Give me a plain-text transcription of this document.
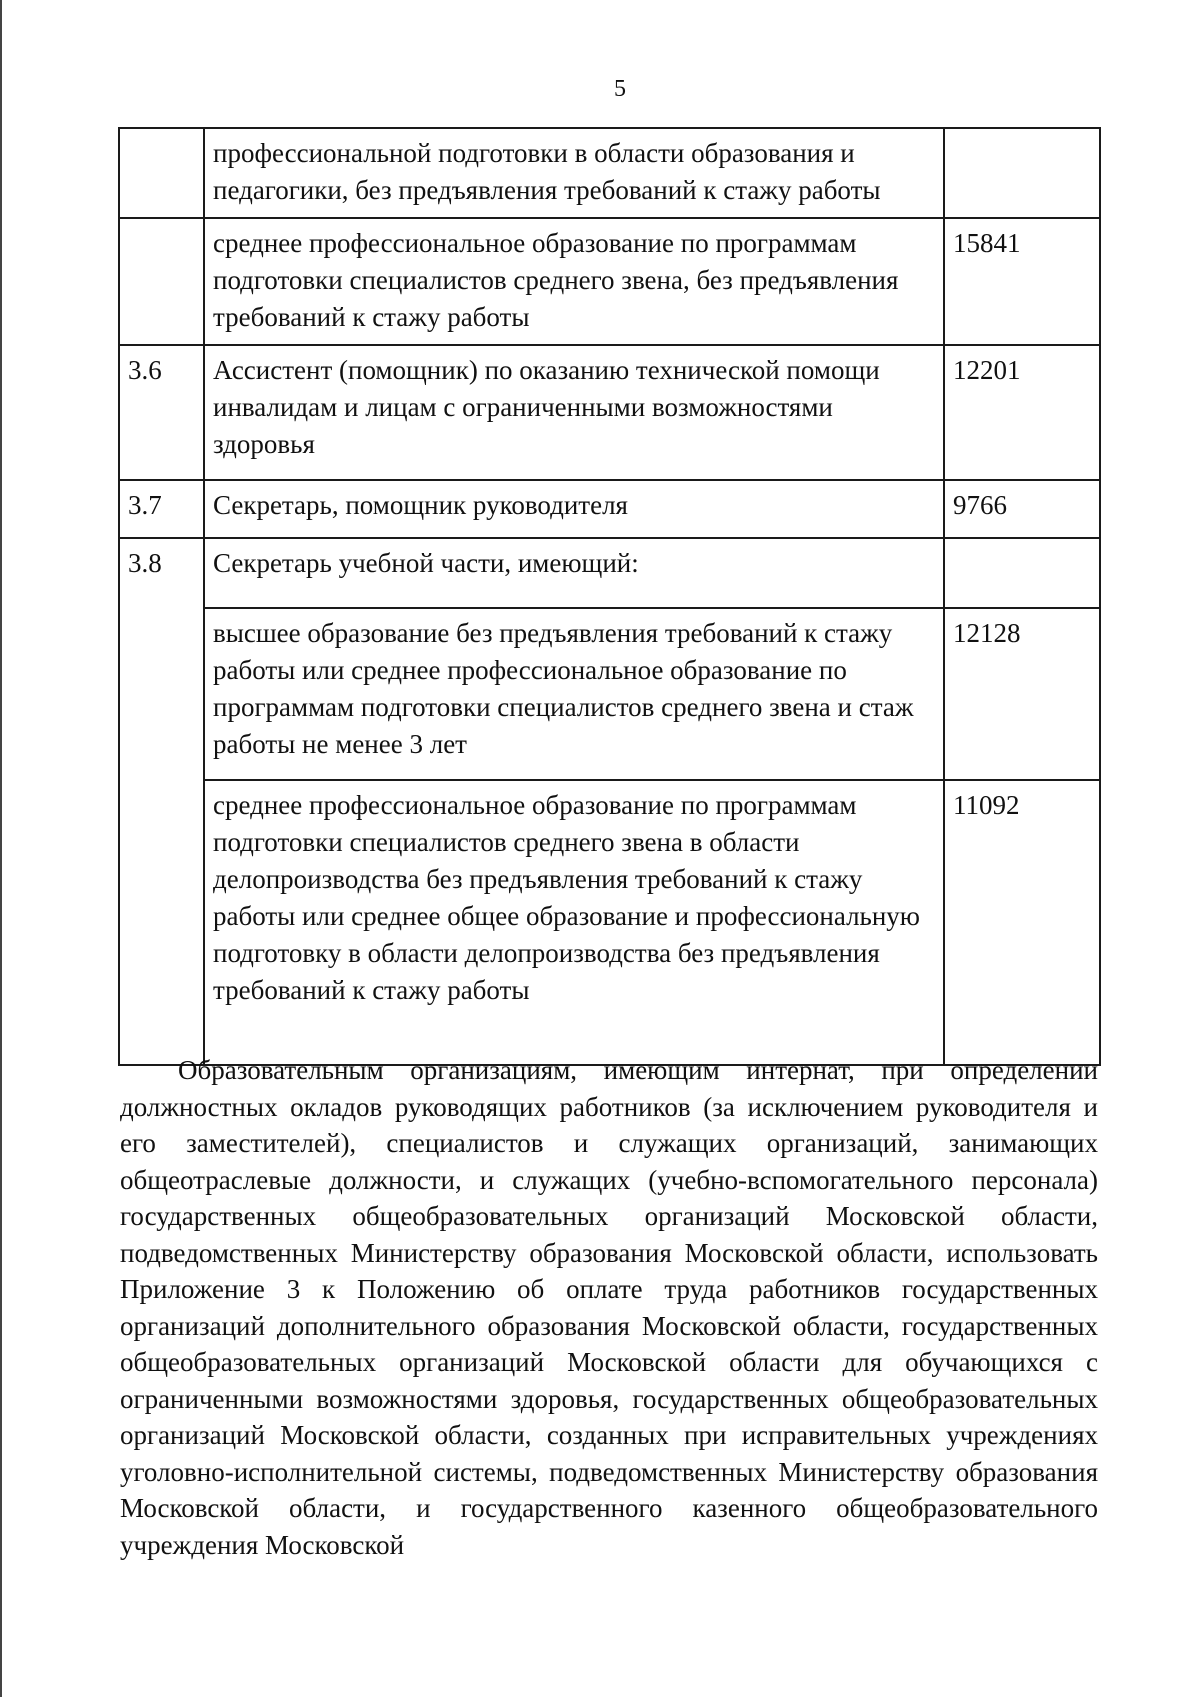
5
	профессиональной подготовки в области образования и педагогики, без предъявления требований к стажу работы	
	среднее профессиональное образование по программам подготовки специалистов среднего звена, без предъявления требований к стажу работы	15841
3.6	Ассистент (помощник) по оказанию технической помощи инвалидам и лицам с ограниченными возможностями здоровья	12201
3.7	Секретарь, помощник руководителя	9766
3.8	Секретарь учебной части, имеющий:	
	высшее образование без предъявления требований к стажу работы или среднее профессиональное образование по программам подготовки специалистов среднего звена и стаж работы не менее 3 лет	12128
	среднее профессиональное образование по программам подготовки специалистов среднего звена в области делопроизводства без предъявления требований к стажу работы или среднее общее образование и профессиональную подготовку в области делопроизводства без предъявления требований к стажу работы	11092

Образовательным организациям, имеющим интернат, при определении должностных окладов руководящих работников (за исключением руководителя и его заместителей), специалистов и служащих организаций, занимающих общеотраслевые должности, и служащих (учебно-вспомогательного персонала) государственных общеобразовательных организаций Московской области, подведомственных Министерству образования Московской области, использовать Приложение 3 к Положению об оплате труда работников государственных организаций дополнительного образования Московской области, государственных общеобразовательных организаций Московской области для обучающихся с ограниченными возможностями здоровья, государственных общеобразовательных организаций Московской области, созданных при исправительных учреждениях уголовно-исполнительной системы, подведомственных Министерству образования Московской области, и государственного казенного общеобразовательного учреждения Московской
